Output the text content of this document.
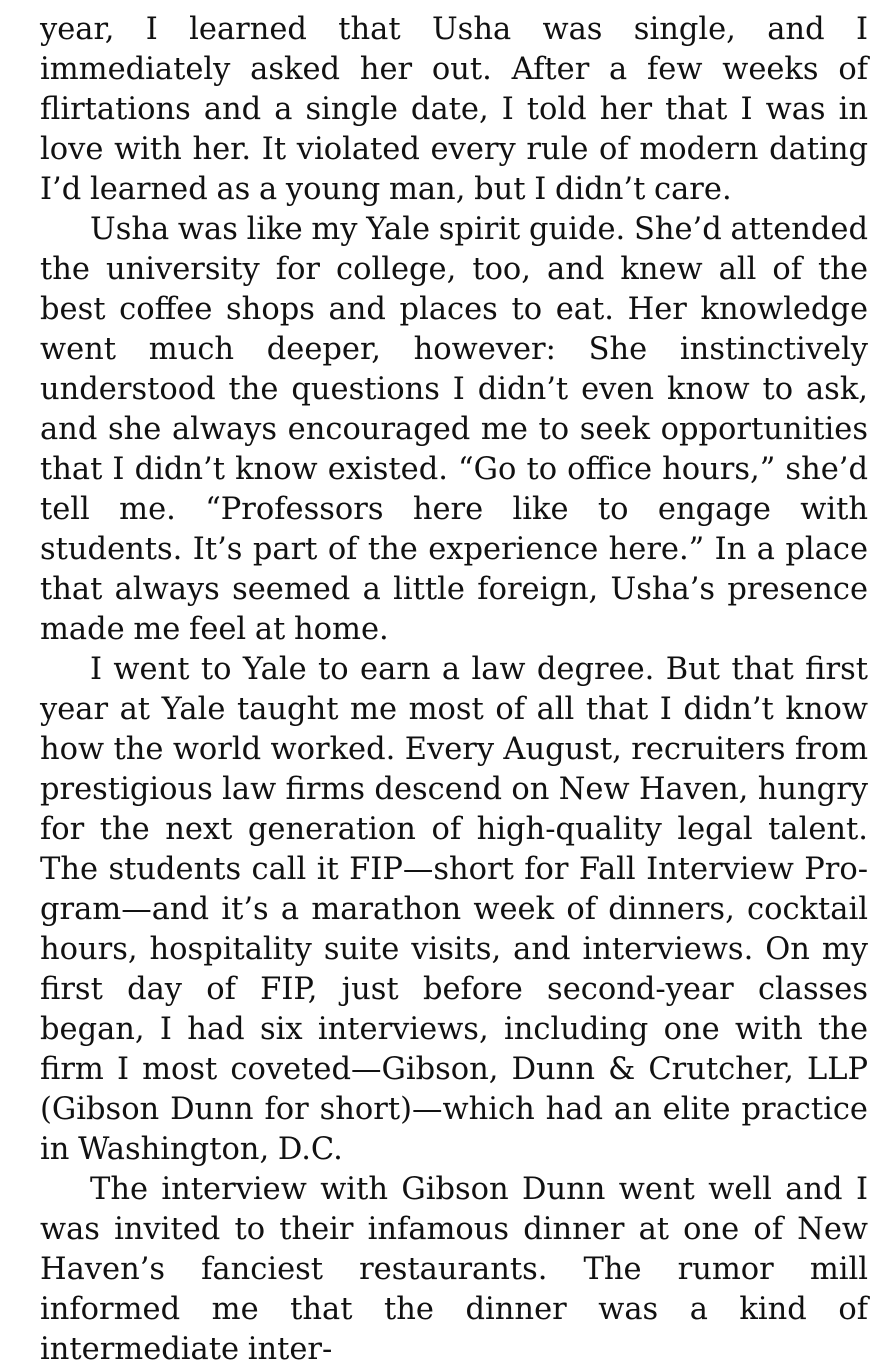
year, I learned that Usha was single, and I immediately asked her out. After a few weeks of flirtations and a single date, I told her that I was in love with her. It violated every rule of modern dating I’d learned as a young man, but I didn’t care.

Usha was like my Yale spirit guide. She’d attended the university for college, too, and knew all of the best coffee shops and places to eat. Her knowledge went much deeper, however: She instinctively understood the questions I didn’t even know to ask, and she always encouraged me to seek opportunities that I didn’t know existed. “Go to office hours,” she’d tell me. “Professors here like to engage with students. It’s part of the experience here.” In a place that always seemed a little foreign, Usha’s presence made me feel at home.

I went to Yale to earn a law degree. But that first year at Yale taught me most of all that I didn’t know how the world worked. Every August, recruiters from prestigious law firms descend on New Haven, hungry for the next generation of high-quality legal talent. The students call it FIP—short for Fall Interview Program—and it’s a marathon week of dinners, cocktail hours, hospitality suite visits, and interviews. On my first day of FIP, just before second-year classes began, I had six interviews, including one with the firm I most coveted—Gibson, Dunn & Crutcher, LLP (Gibson Dunn for short)—which had an elite practice in Washington, D.C.

The interview with Gibson Dunn went well and I was invited to their infamous dinner at one of New Haven’s fanciest restaurants. The rumor mill informed me that the dinner was a kind of intermediate inter-
